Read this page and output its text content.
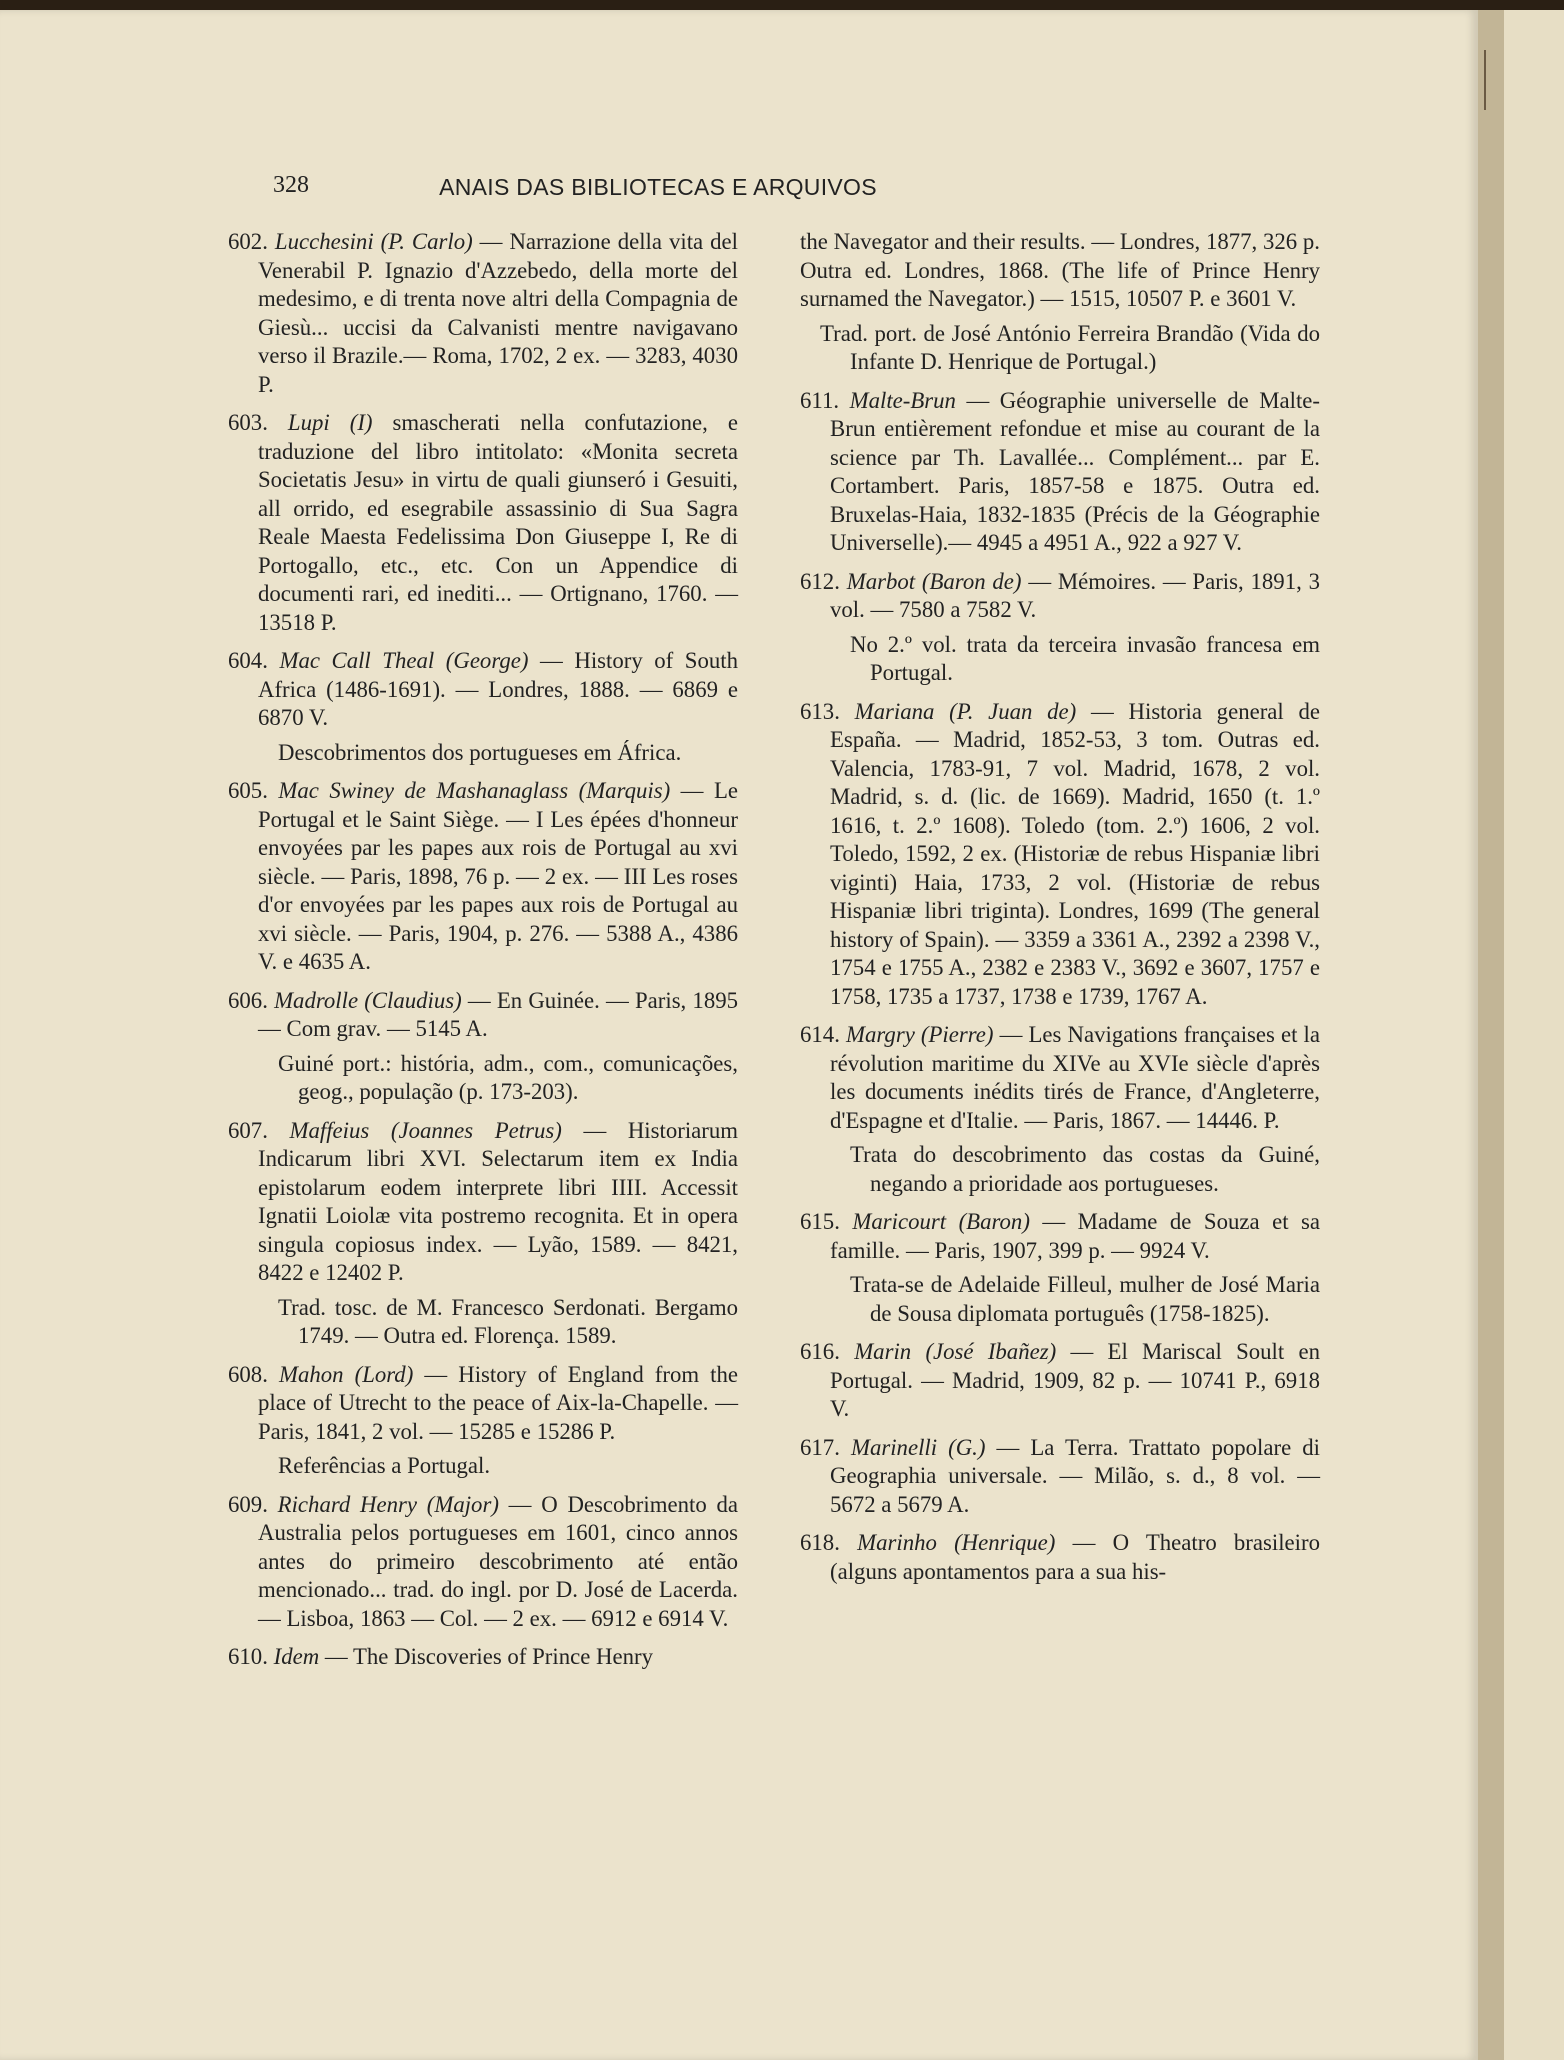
328	ANAIS DAS BIBLIOTECAS E ARQUIVOS

602. Lucchesini (P. Carlo) — Narrazione della vita del Venerabil P. Ignazio d'Azzebedo, della morte del medesimo, e di trenta nove altri della Compagnia de Giesù... uccisi da Calvanisti mentre navigavano verso il Brazile.— Roma, 1702, 2 ex. — 3283, 4030 P.

603. Lupi (I) smascherati nella confutazione, e traduzione del libro intitolato: «Monita secreta Societatis Jesu» in virtu de quali giunseró i Gesuiti, all orrido, ed esegrabile assassinio di Sua Sagra Reale Maesta Fedelissima Don Giuseppe I, Re di Portogallo, etc., etc. Con un Appendice di documenti rari, ed inediti... — Ortignano, 1760. — 13518 P.

604. Mac Call Theal (George) — History of South Africa (1486-1691). — Londres, 1888. — 6869 e 6870 V.

Descobrimentos dos portugueses em África.

605. Mac Swiney de Mashanaglass (Marquis) — Le Portugal et le Saint Siège. — I Les épées d'honneur envoyées par les papes aux rois de Portugal au xvi siècle. — Paris, 1898, 76 p. — 2 ex. — III Les roses d'or envoyées par les papes aux rois de Portugal au xvi siècle. — Paris, 1904, p. 276. — 5388 A., 4386 V. e 4635 A.

606. Madrolle (Claudius) — En Guinée. — Paris, 1895 — Com grav. — 5145 A.

Guiné port.: história, adm., com., comunicações, geog., população (p. 173-203).

607. Maffeius (Joannes Petrus) — Historiarum Indicarum libri XVI. Selectarum item ex India epistolarum eodem interprete libri IIII. Accessit Ignatii Loiolæ vita postremo recognita. Et in opera singula copiosus index. — Lyão, 1589. — 8421, 8422 e 12402 P.

Trad. tosc. de M. Francesco Serdonati. Bergamo 1749. — Outra ed. Florença. 1589.

608. Mahon (Lord) — History of England from the place of Utrecht to the peace of Aix-la-Chapelle. — Paris, 1841, 2 vol. — 15285 e 15286 P.

Referências a Portugal.

609. Richard Henry (Major) — O Descobrimento da Australia pelos portugueses em 1601, cinco annos antes do primeiro descobrimento até então mencionado... trad. do ingl. por D. José de Lacerda. — Lisboa, 1863 — Col. — 2 ex. — 6912 e 6914 V.

610. Idem — The Discoveries of Prince Henry

the Navegator and their results. — Londres, 1877, 326 p. Outra ed. Londres, 1868. (The life of Prince Henry surnamed the Navegator.) — 1515, 10507 P. e 3601 V.

Trad. port. de José António Ferreira Brandão (Vida do Infante D. Henrique de Portugal.)

611. Malte-Brun — Géographie universelle de Malte-Brun entièrement refondue et mise au courant de la science par Th. Lavallée... Complément... par E. Cortambert. Paris, 1857-58 e 1875. Outra ed. Bruxelas-Haia, 1832-1835 (Précis de la Géographie Universelle).— 4945 a 4951 A., 922 a 927 V.

612. Marbot (Baron de) — Mémoires. — Paris, 1891, 3 vol. — 7580 a 7582 V.

No 2.º vol. trata da terceira invasão francesa em Portugal.

613. Mariana (P. Juan de) — Historia general de España. — Madrid, 1852-53, 3 tom. Outras ed. Valencia, 1783-91, 7 vol. Madrid, 1678, 2 vol. Madrid, s. d. (lic. de 1669). Madrid, 1650 (t. 1.º 1616, t. 2.º 1608). Toledo (tom. 2.º) 1606, 2 vol. Toledo, 1592, 2 ex. (Historiæ de rebus Hispaniæ libri viginti) Haia, 1733, 2 vol. (Historiæ de rebus Hispaniæ libri triginta). Londres, 1699 (The general history of Spain). — 3359 a 3361 A., 2392 a 2398 V., 1754 e 1755 A., 2382 e 2383 V., 3692 e 3607, 1757 e 1758, 1735 a 1737, 1738 e 1739, 1767 A.

614. Margry (Pierre) — Les Navigations françaises et la révolution maritime du XIVe au XVIe siècle d'après les documents inédits tirés de France, d'Angleterre, d'Espagne et d'Italie. — Paris, 1867. — 14446. P.

Trata do descobrimento das costas da Guiné, negando a prioridade aos portugueses.

615. Maricourt (Baron) — Madame de Souza et sa famille. — Paris, 1907, 399 p. — 9924 V.

Trata-se de Adelaide Filleul, mulher de José Maria de Sousa diplomata português (1758-1825).

616. Marin (José Ibañez) — El Mariscal Soult en Portugal. — Madrid, 1909, 82 p. — 10741 P., 6918 V.

617. Marinelli (G.) — La Terra. Trattato popolare di Geographia universale. — Milão, s. d., 8 vol. — 5672 a 5679 A.

618. Marinho (Henrique) — O Theatro brasileiro (alguns apontamentos para a sua his-
